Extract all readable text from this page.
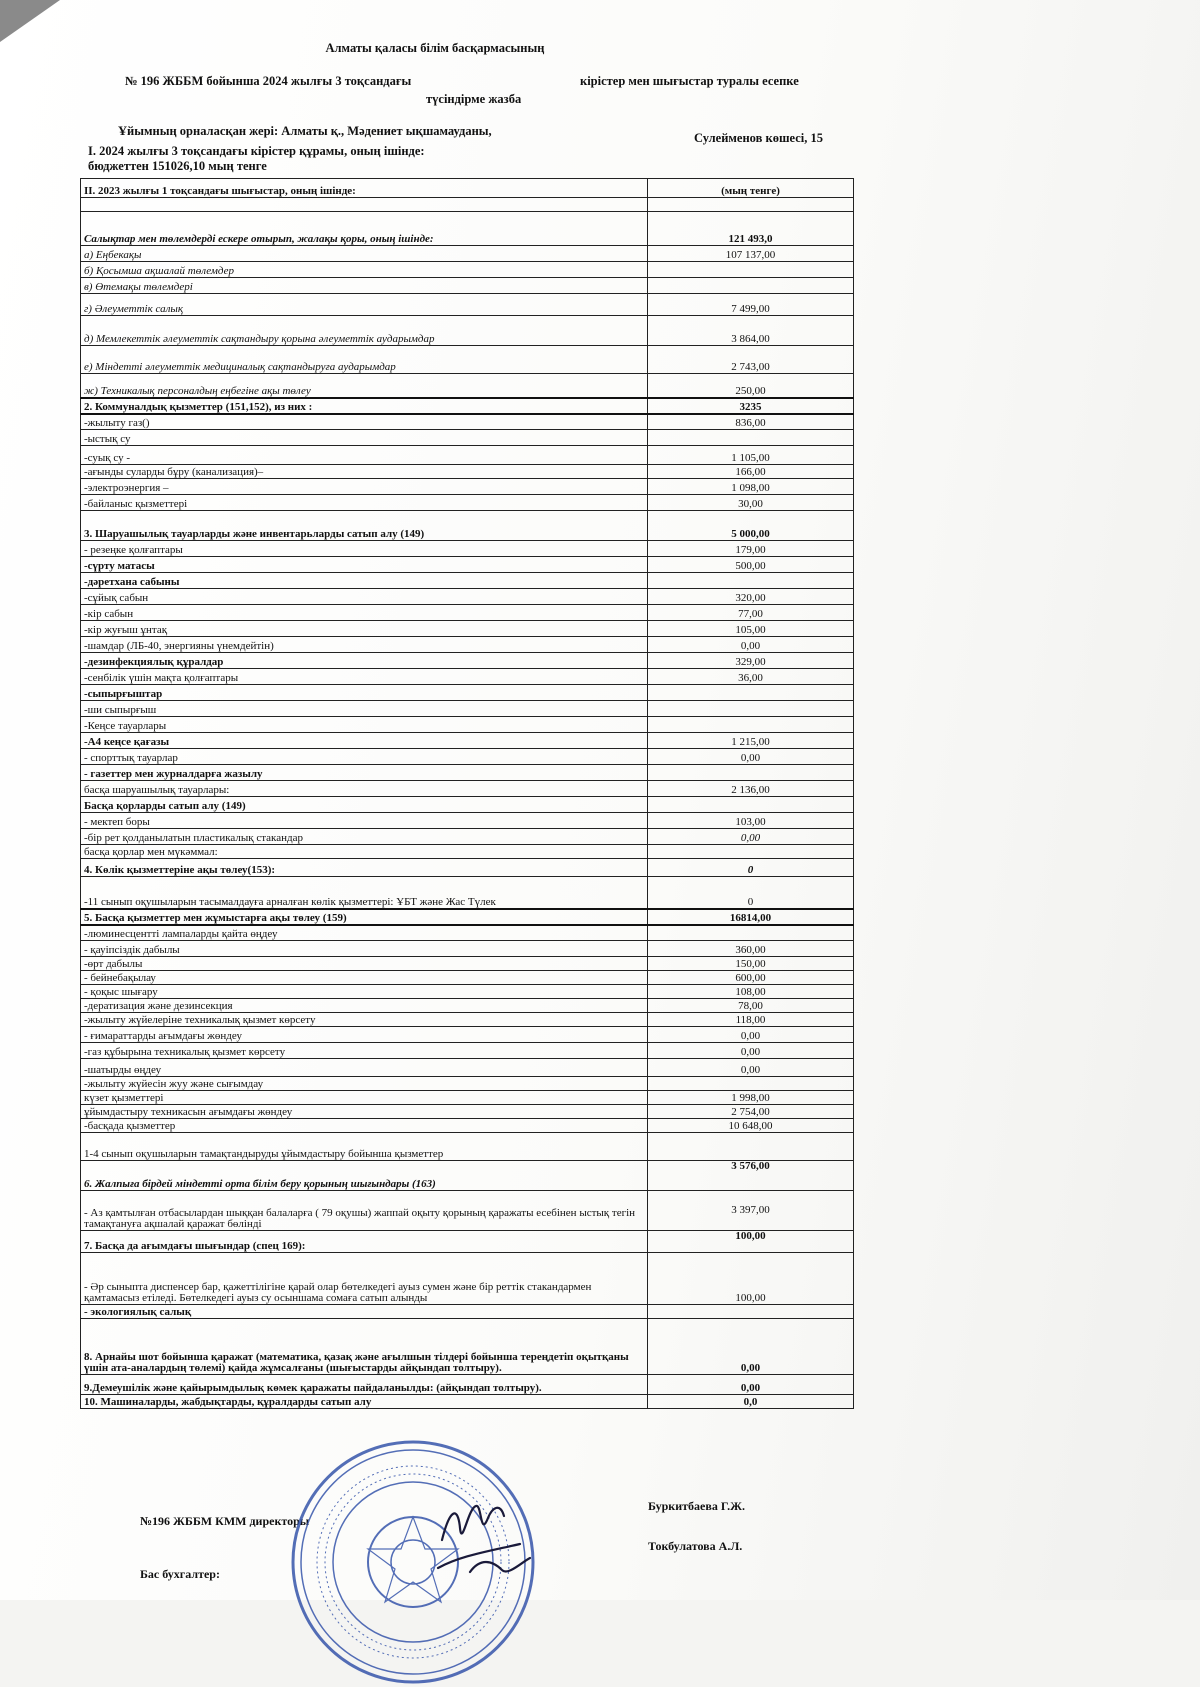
Алматы қаласы білім басқармасының
№ 196 ЖББМ бойынша 2024 жылғы 3 тоқсандағы	кірістер мен шығыстар туралы есепке
түсіндірме жазба
Ұйымның орналасқан жері: Алматы қ., Мәдениет ықшамауданы,	Сулейменов көшесі, 15
I. 2024 жылғы 3 тоқсандағы кірістер құрамы, оның ішінде:
бюджеттен 151026,10 мың тенге
II. 2023 жылғы 1 тоқсандағы шығыстар, оның ішінде:	(мың тенге)

Салықтар мен төлемдерді ескере отырып, жалақы қоры, оның ішінде:	121 493,0
а) Еңбекақы	107 137,00
б) Қосымша ақшалай төлемдер	
в) Өтемақы төлемдері	
г) Әлеуметтік салық	7 499,00
д) Мемлекеттік әлеуметтік сақтандыру қорына әлеуметтік аударымдар	3 864,00
е) Міндетті әлеуметтік медициналық сақтандыруға аударымдар	2 743,00
ж) Техникалық персоналдың еңбегіне ақы төлеу	250,00
2. Коммуналдық қызметтер (151,152), из них :	3235
-жылыту газ()	836,00
-ыстық су	
-суық су -	1 105,00
-ағынды суларды бұру (канализация)–	166,00
-электроэнергия –	1 098,00
-байланыс қызметтері	30,00
3. Шаруашылық тауарларды және инвентарьларды сатып алу (149)	5 000,00
- резеңке қолғаптары	179,00
-сүрту матасы	500,00
-дәретхана сабыны	
-сұйық сабын	320,00
-кір сабын	77,00
-кір жуғыш ұнтақ	105,00
-шамдар (ЛБ-40, энергияны үнемдейтін)	0,00
-дезинфекциялық құралдар	329,00
-сенбілік үшін мақта қолғаптары	36,00
-сыпырғыштар	
-ши сыпырғыш	
-Кеңсе тауарлары	
-А4 кеңсе қағазы	1 215,00
- спорттық тауарлар	0,00
- газеттер мен журналдарға жазылу	
басқа шаруашылық тауарлары:	2 136,00
Басқа қорларды сатып алу (149)	
- мектеп боры	103,00
-бір рет қолданылатын пластикалық стакандар	0,00
басқа қорлар мен мүкәммал:	
4. Көлік қызметтеріне ақы төлеу(153):	0
-11 сынып оқушыларын тасымалдауға арналған көлік қызметтері: ҰБТ және Жас Түлек	0
5. Басқа қызметтер мен жұмыстарға ақы төлеу (159)	16814,00
-люминесцентті лампаларды қайта өңдеу	
- қауіпсіздік дабылы	360,00
-өрт дабылы	150,00
- бейнебақылау	600,00
- қоқыс шығару	108,00
-дератизация және дезинсекция	78,00
-жылыту жүйелеріне техникалық қызмет көрсету	118,00
- ғимараттарды ағымдағы жөндеу	0,00
-газ құбырына техникалық қызмет көрсету	0,00
-шатырды өңдеу	0,00
-жылыту жүйесін жуу және сығымдау	
күзет қызметтері	1 998,00
ұйымдастыру техникасын ағымдағы жөндеу	2 754,00
-басқада қызметтер	10 648,00
1-4 сынып оқушыларын тамақтандыруды ұйымдастыру бойынша қызметтер	
6. Жалпыға бірдей міндетті орта білім беру қорының шығындары (163)	3 576,00
- Аз қамтылған отбасылардан шыққан балаларға ( 79 оқушы) жаппай оқыту қорының қаражаты есебінен ыстық тегін тамақтануға ақшалай қаражат бөлінді	3 397,00
7. Басқа да ағымдағы шығындар (спец 169):	100,00
- Әр сыныпта диспенсер бар, қажеттілігіне қарай олар бөтелкедегі ауыз сумен және бір реттік стакандармен қамтамасыз етіледі. Бөтелкедегі ауыз су осыншама сомаға сатып алынды	100,00
- экологиялық салық	
8. Арнайы шот бойынша қаражат (математика, қазақ және ағылшын тілдері бойынша тереңдетіп оқытқаны үшін ата-аналардың төлемі) қайда жұмсалғаны (шығыстарды айқындап толтыру).	0,00
9.Демеушілік және қайырымдылық көмек қаражаты пайдаланылды: (айқындап толтыру).	0,00
10. Машиналарды, жабдықтарды, құралдарды сатып алу	0,0
№196 ЖББМ КММ директоры
Буркитбаева Г.Ж.
Бас бухгалтер:
Токбулатова А.Л.
